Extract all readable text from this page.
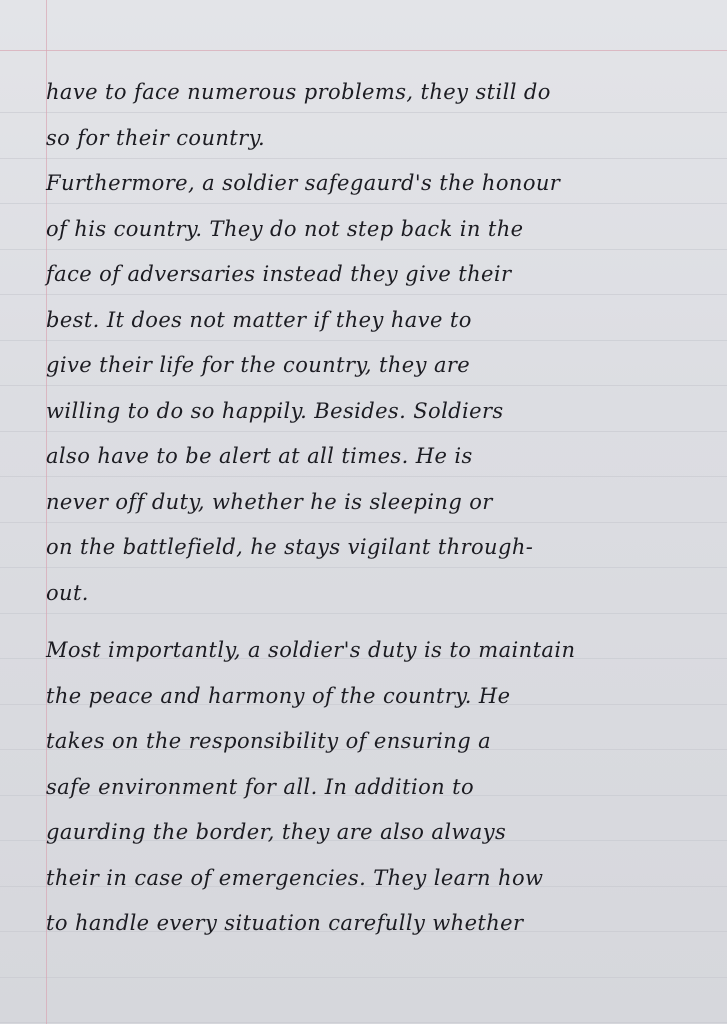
have to face numerous problems, they still do
so for their country.
Furthermore, a soldier safegaurd's the honour
of his country. They do not step back in the
face of adversaries instead they give their
best. It does not matter if they have to
give their life for the country, they are
willing to do so happily. Besides. Soldiers
also have to be alert at all times. He is
never off duty, whether he is sleeping or
on the battlefield, he stays vigilant through-
out.
Most importantly, a soldier's duty is to maintain
the peace and harmony of the country. He
takes on the responsibility of ensuring a
safe environment for all. In addition to
gaurding the border, they are also always
their in case of emergencies. They learn how
to handle every situation carefully whether
